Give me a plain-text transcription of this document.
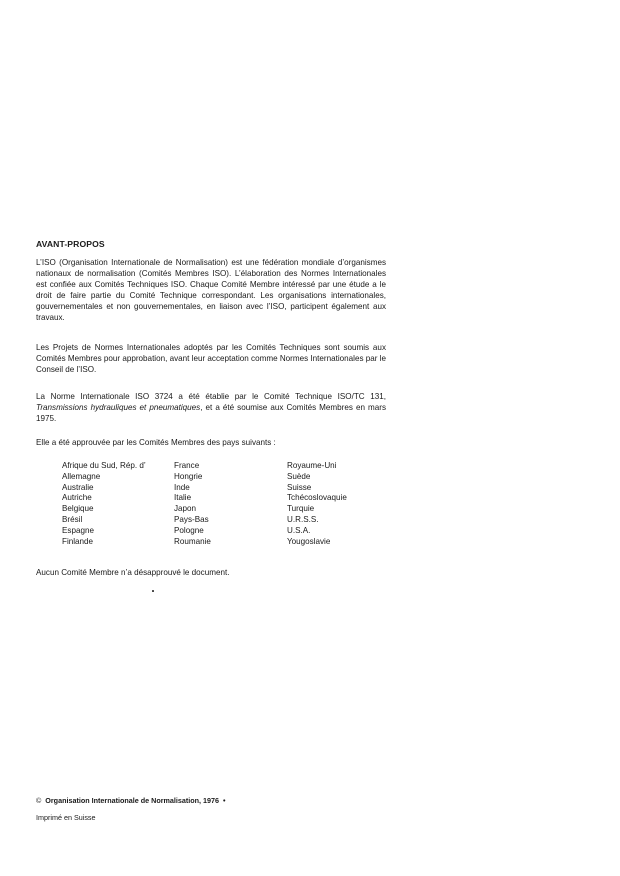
AVANT-PROPOS
L’ISO (Organisation Internationale de Normalisation) est une fédération mondiale d’organismes nationaux de normalisation (Comités Membres ISO). L’élaboration des Normes Internationales est confiée aux Comités Techniques ISO. Chaque Comité Membre intéressé par une étude a le droit de faire partie du Comité Technique correspondant. Les organisations internationales, gouvernementales et non gouvernementales, en liaison avec l’ISO, participent également aux travaux.
Les Projets de Normes Internationales adoptés par les Comités Techniques sont soumis aux Comités Membres pour approbation, avant leur acceptation comme Normes Internationales par le Conseil de l’ISO.
La Norme Internationale ISO 3724 a été établie par le Comité Technique ISO/TC 131, Transmissions hydrauliques et pneumatiques, et a été soumise aux Comités Membres en mars 1975.
Elle a été approuvée par les Comités Membres des pays suivants :
Afrique du Sud, Rép. d’
Allemagne
Australie
Autriche
Belgique
Brésil
Espagne
Finlande
France
Hongrie
Inde
Italie
Japon
Pays-Bas
Pologne
Roumanie
Royaume-Uni
Suède
Suisse
Tchécoslovaquie
Turquie
U.R.S.S.
U.S.A.
Yougoslavie
Aucun Comité Membre n’a désapprouvé le document.
© Organisation Internationale de Normalisation, 1976 •
Imprimé en Suisse
